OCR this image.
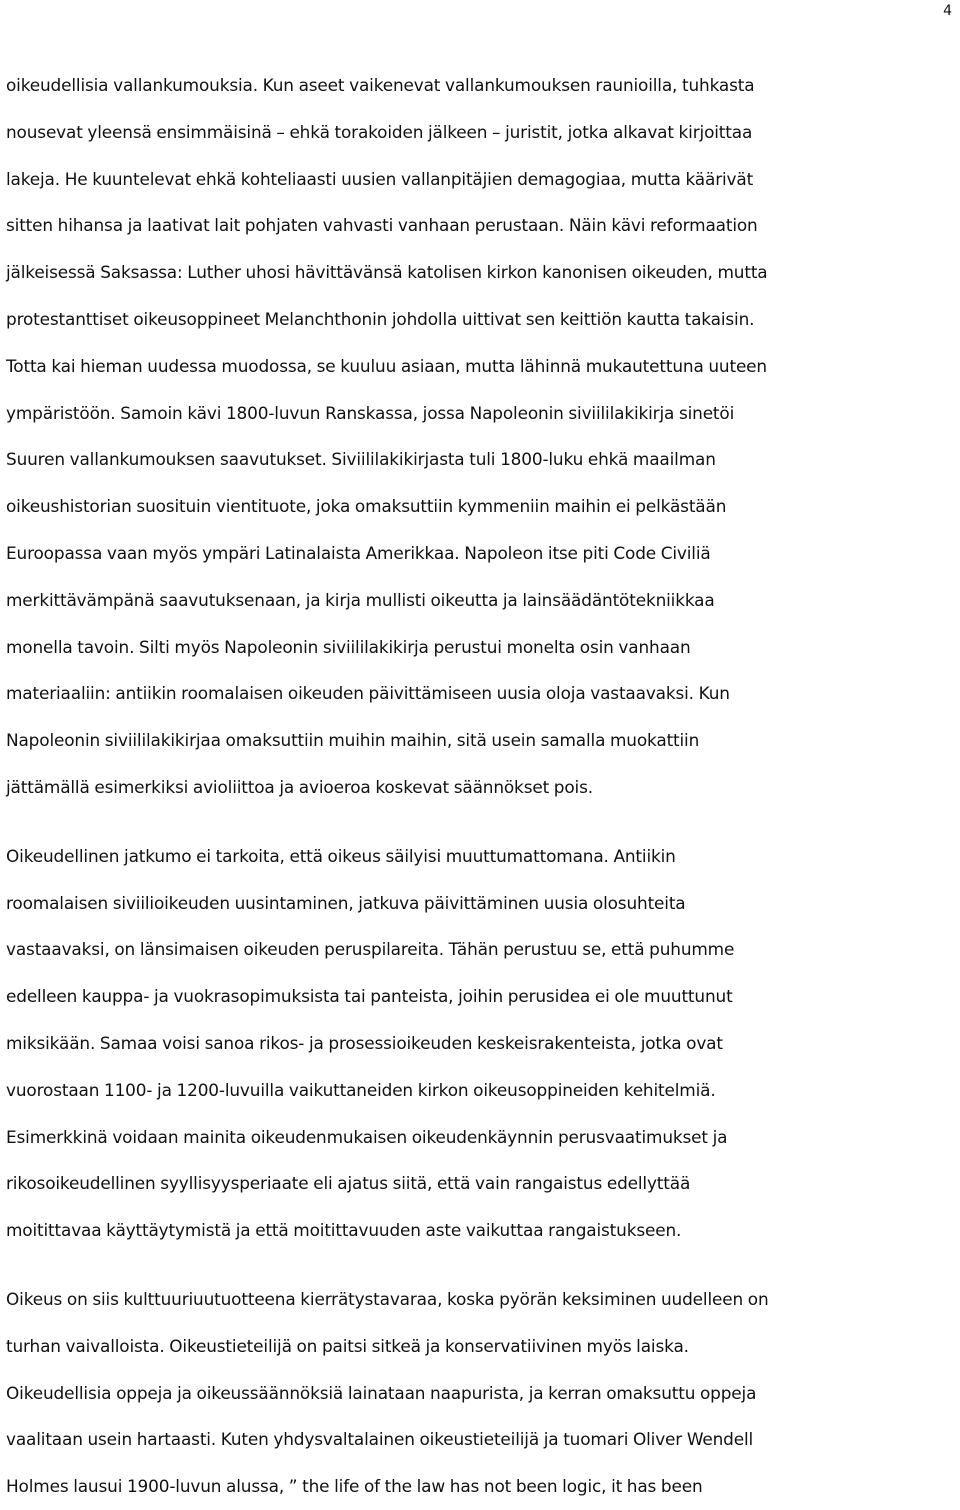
4

oikeudellisia vallankumouksia. Kun aseet vaikenevat vallankumouksen raunioilla, tuhkasta
nousevat yleensä ensimmäisinä – ehkä torakoiden jälkeen – juristit, jotka alkavat kirjoittaa
lakeja. He kuuntelevat ehkä kohteliaasti uusien vallanpitäjien demagogiaa, mutta käärivät
sitten hihansa ja laativat lait pohjaten vahvasti vanhaan perustaan. Näin kävi reformaation
jälkeisessä Saksassa: Luther uhosi hävittävänsä katolisen kirkon kanonisen oikeuden, mutta
protestanttiset oikeusoppineet Melanchthonin johdolla uittivat sen keittiön kautta takaisin.
Totta kai hieman uudessa muodossa, se kuuluu asiaan, mutta lähinnä mukautettuna uuteen
ympäristöön. Samoin kävi 1800-luvun Ranskassa, jossa Napoleonin siviililakikirja sinetöi
Suuren vallankumouksen saavutukset. Siviililakikirjasta tuli 1800-luku ehkä maailman
oikeushistorian suosituin vientituote, joka omaksuttiin kymmeniin maihin ei pelkästään
Euroopassa vaan myös ympäri Latinalaista Amerikkaa. Napoleon itse piti Code Civiliä
merkittävämpänä saavutuksenaan, ja kirja mullisti oikeutta ja lainsäädäntötekniikkaa
monella tavoin. Silti myös Napoleonin siviililakikirja perustui monelta osin vanhaan
materiaaliin: antiikin roomalaisen oikeuden päivittämiseen uusia oloja vastaavaksi. Kun
Napoleonin siviililakikirjaa omaksuttiin muihin maihin, sitä usein samalla muokattiin
jättämällä esimerkiksi avioliittoa ja avioeroa koskevat säännökset pois.

Oikeudellinen jatkumo ei tarkoita, että oikeus säilyisi muuttumattomana. Antiikin
roomalaisen siviilioikeuden uusintaminen, jatkuva päivittäminen uusia olosuhteita
vastaavaksi, on länsimaisen oikeuden peruspilareita. Tähän perustuu se, että puhumme
edelleen kauppa- ja vuokrasopimuksista tai panteista, joihin perusidea ei ole muuttunut
miksikään. Samaa voisi sanoa rikos- ja prosessioikeuden keskeisrakenteista, jotka ovat
vuorostaan 1100- ja 1200-luvuilla vaikuttaneiden kirkon oikeusoppineiden kehitelmiä.
Esimerkkinä voidaan mainita oikeudenmukaisen oikeudenkäynnin perusvaatimukset ja
rikosoikeudellinen syyllisyysperiaate eli ajatus siitä, että vain rangaistus edellyttää
moitittavaa käyttäytymistä ja että moitittavuuden aste vaikuttaa rangaistukseen.

Oikeus on siis kulttuuriuutuotteena kierrätystavaraa, koska pyörän keksiminen uudelleen on
turhan vaivalloista. Oikeustieteilijä on paitsi sitkeä ja konservatiivinen myös laiska.
Oikeudellisia oppeja ja oikeussäännöksiä lainataan naapurista, ja kerran omaksuttu oppeja
vaalitaan usein hartaasti. Kuten yhdysvaltalainen oikeustieteilijä ja tuomari Oliver Wendell
Holmes lausui 1900-luvun alussa, ” the life of the law has not been logic, it has been
